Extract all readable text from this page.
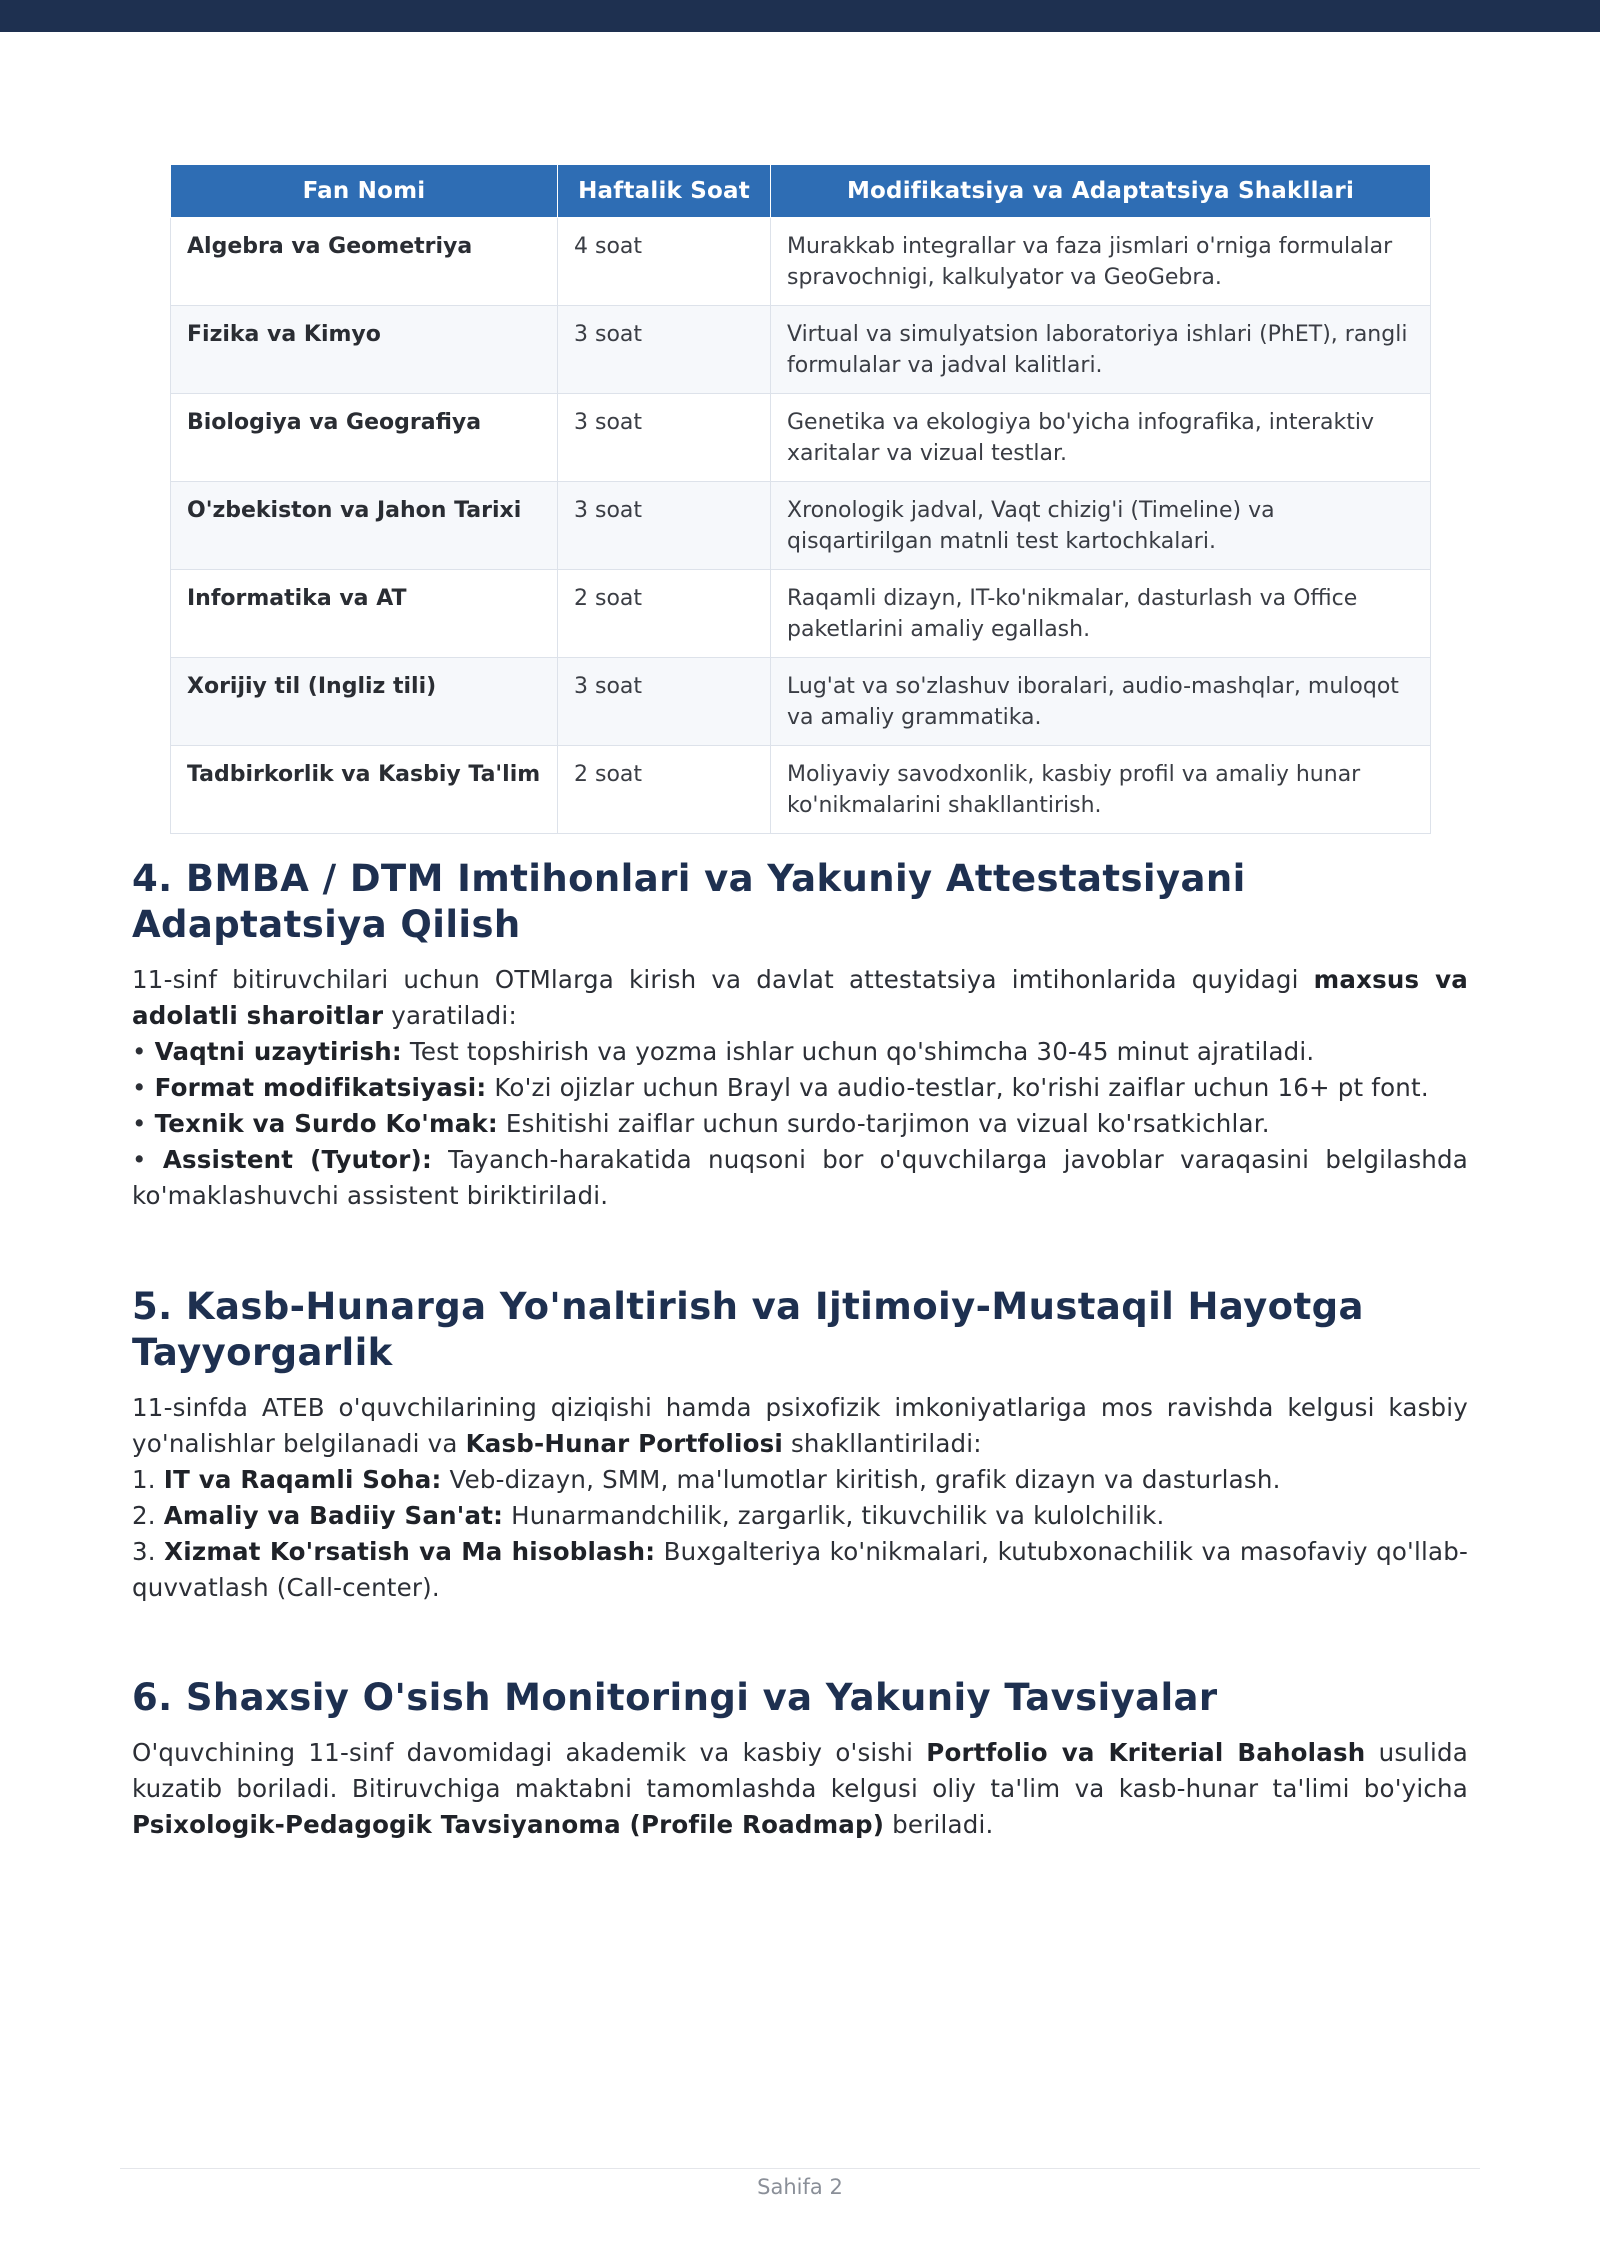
Fan Nomi	Haftalik Soat	Modifikatsiya va Adaptatsiya Shakllari
Algebra va Geometriya	4 soat	Murakkab integrallar va faza jismlari o'rniga formulalar spravochnigi, kalkulyator va GeoGebra.
Fizika va Kimyo	3 soat	Virtual va simulyatsion laboratoriya ishlari (PhET), rangli formulalar va jadval kalitlari.
Biologiya va Geografiya	3 soat	Genetika va ekologiya bo'yicha infografika, interaktiv xaritalar va vizual testlar.
O'zbekiston va Jahon Tarixi	3 soat	Xronologik jadval, Vaqt chizig'i (Timeline) va qisqartirilgan matnli test kartochkalari.
Informatika va AT	2 soat	Raqamli dizayn, IT-ko'nikmalar, dasturlash va Office paketlarini amaliy egallash.
Xorijiy til (Ingliz tili)	3 soat	Lug'at va so'zlashuv iboralari, audio-mashqlar, muloqot va amaliy grammatika.
Tadbirkorlik va Kasbiy Ta'lim	2 soat	Moliyaviy savodxonlik, kasbiy profil va amaliy hunar ko'nikmalarini shakllantirish.
4. BMBA / DTM Imtihonlari va Yakuniy Attestatsiyani Adaptatsiya Qilish

11-sinf bitiruvchilari uchun OTMlarga kirish va davlat attestatsiya imtihonlarida quyidagi maxsus va adolatli sharoitlar yaratiladi:

• Vaqtni uzaytirish: Test topshirish va yozma ishlar uchun qo'shimcha 30-45 minut ajratiladi.

• Format modifikatsiyasi: Ko'zi ojizlar uchun Brayl va audio-testlar, ko'rishi zaiflar uchun 16+ pt font.

• Texnik va Surdo Ko'mak: Eshitishi zaiflar uchun surdo-tarjimon va vizual ko'rsatkichlar.

• Assistent (Tyutor): Tayanch-harakatida nuqsoni bor o'quvchilarga javoblar varaqasini belgilashda ko'maklashuvchi assistent biriktiriladi.

5. Kasb-Hunarga Yo'naltirish va Ijtimoiy-Mustaqil Hayotga Tayyorgarlik

11-sinfda ATEB o'quvchilarining qiziqishi hamda psixofizik imkoniyatlariga mos ravishda kelgusi kasbiy yo'nalishlar belgilanadi va Kasb-Hunar Portfoliosi shakllantiriladi:

1. IT va Raqamli Soha: Veb-dizayn, SMM, ma'lumotlar kiritish, grafik dizayn va dasturlash.

2. Amaliy va Badiiy San'at: Hunarmandchilik, zargarlik, tikuvchilik va kulolchilik.

3. Xizmat Ko'rsatish va Ma hisoblash: Buxgalteriya ko'nikmalari, kutubxonachilik va masofaviy qo'llab-quvvatlash (Call-center).

6. Shaxsiy O'sish Monitoringi va Yakuniy Tavsiyalar

O'quvchining 11-sinf davomidagi akademik va kasbiy o'sishi Portfolio va Kriterial Baholash usulida kuzatib boriladi. Bitiruvchiga maktabni tamomlashda kelgusi oliy ta'lim va kasb-hunar ta'limi bo'yicha Psixologik-Pedagogik Tavsiyanoma (Profile Roadmap) beriladi.

Sahifa 2
